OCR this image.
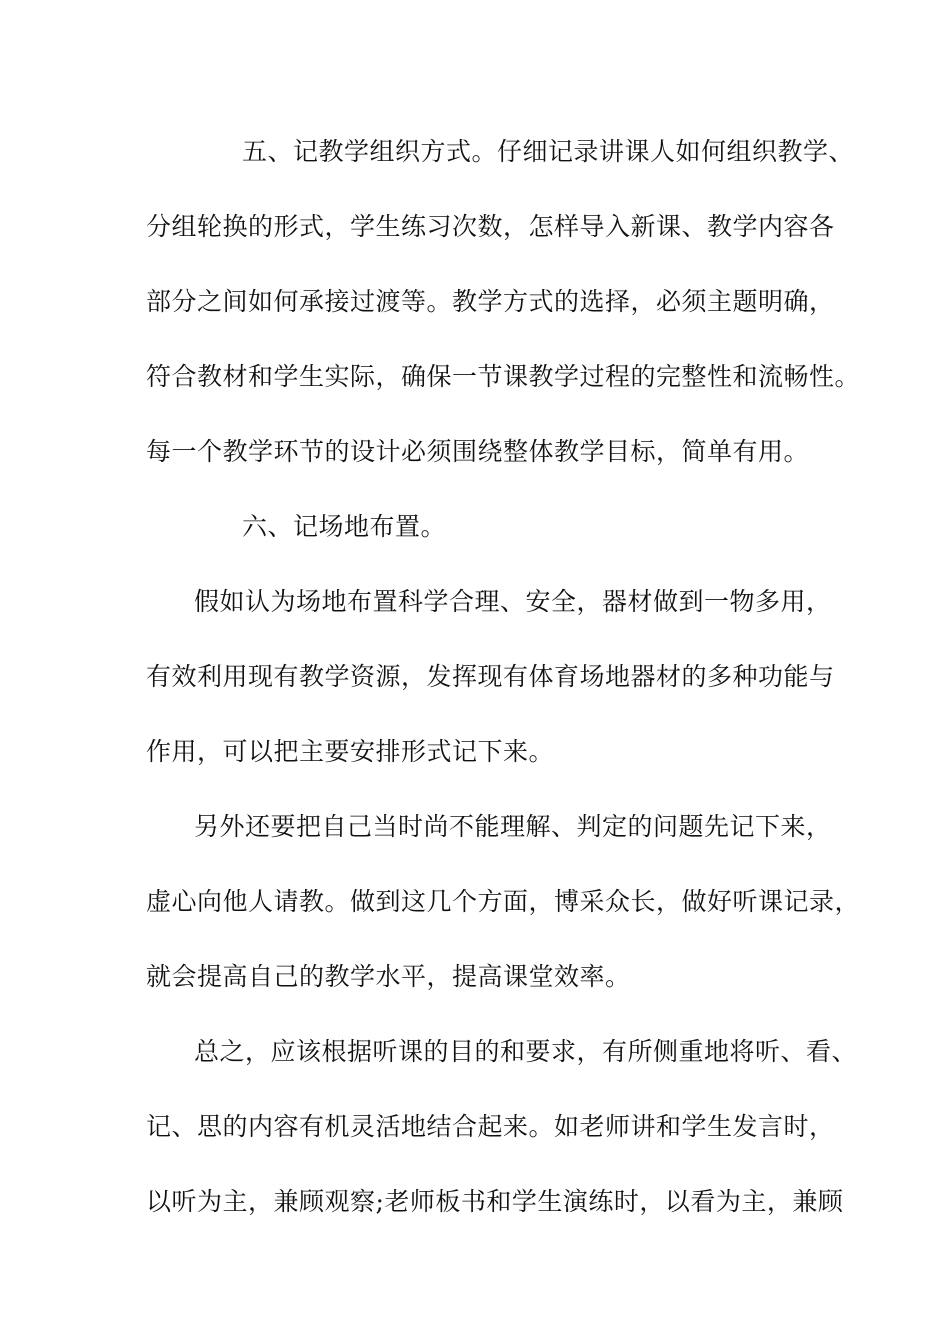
五、记教学组织方式。仔细记录讲课人如何组织教学、
分组轮换的形式，学生练习次数，怎样导入新课、教学内容各
部分之间如何承接过渡等。教学方式的选择，必须主题明确，
符合教材和学生实际，确保一节课教学过程的完整性和流畅性。
每一个教学环节的设计必须围绕整体教学目标，简单有用。
六、记场地布置。
假如认为场地布置科学合理、安全，器材做到一物多用，
有效利用现有教学资源，发挥现有体育场地器材的多种功能与
作用，可以把主要安排形式记下来。
另外还要把自己当时尚不能理解、判定的问题先记下来，
虚心向他人请教。做到这几个方面，博采众长，做好听课记录，
就会提高自己的教学水平，提高课堂效率。
总之，应该根据听课的目的和要求，有所侧重地将听、看、
记、思的内容有机灵活地结合起来。如老师讲和学生发言时，
以听为主，兼顾观察;老师板书和学生演练时，以看为主，兼顾
